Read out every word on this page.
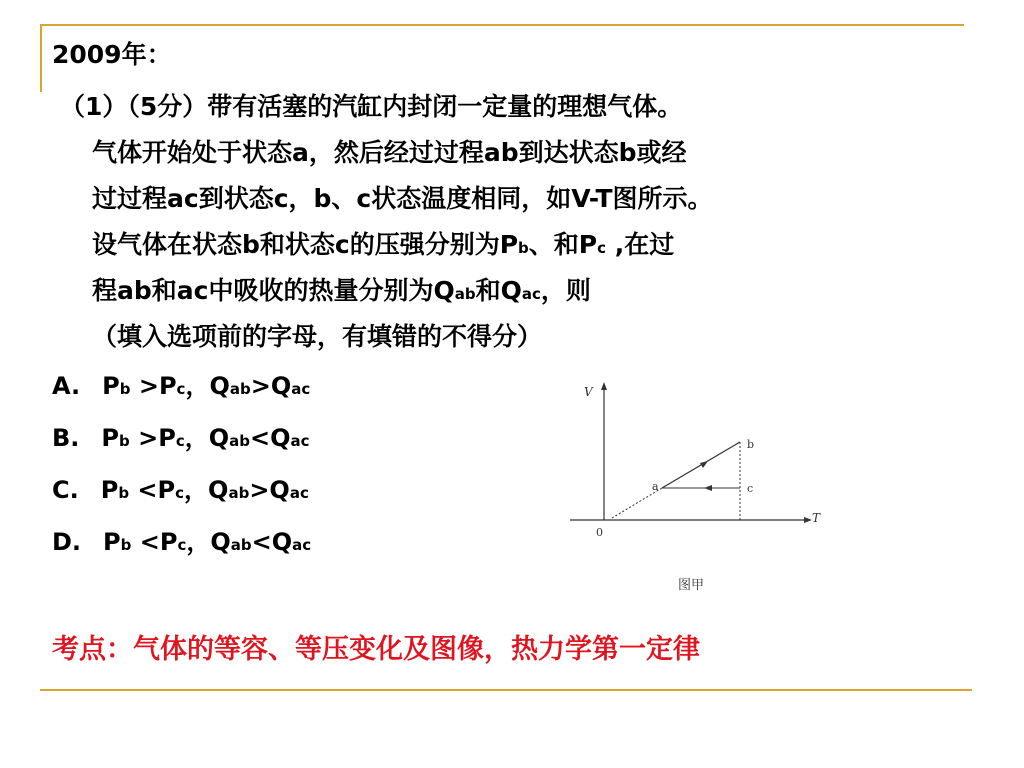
2009年：
（1）（5分）带有活塞的汽缸内封闭一定量的理想气体。
气体开始处于状态a，然后经过过程ab到达状态b或经
过过程ac到状态c，b、c状态温度相同，如V-T图所示。
设气体在状态b和状态c的压强分别为Pb、和Pc ,在过
程ab和ac中吸收的热量分别为Qab和Qac，则
（填入选项前的字母，有填错的不得分）
A. Pb >Pc，Qab>Qac
B. Pb >Pc，Qab<Qac
C. Pb <Pc，Qab>Qac
D. Pb <Pc，Qab<Qac
V
T
0
a
b
c
图甲
考点：气体的等容、等压变化及图像，热力学第一定律
